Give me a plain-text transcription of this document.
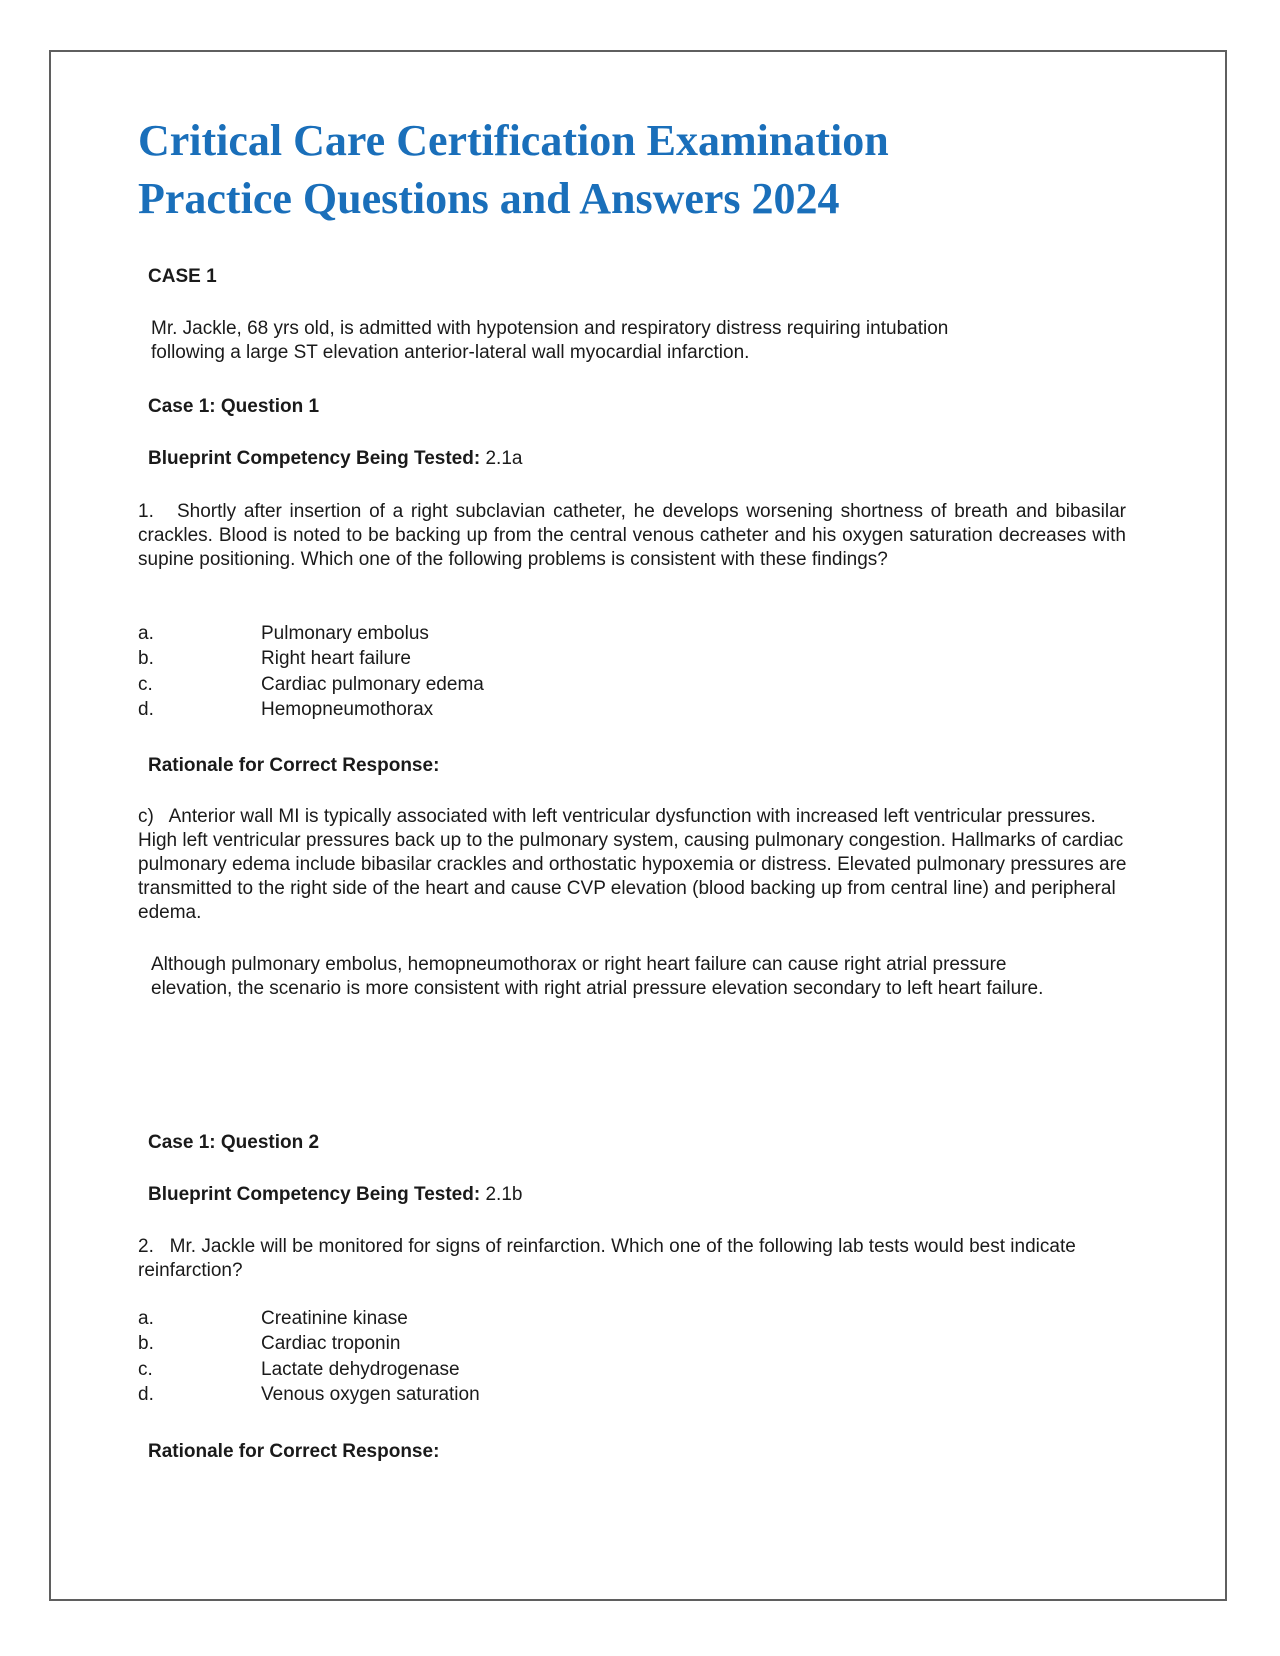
Critical Care Certification Examination
Practice Questions and Answers 2024
CASE 1
Mr. Jackle, 68 yrs old, is admitted with hypotension and respiratory distress requiring intubation
following a large ST elevation anterior-lateral wall myocardial infarction.
Case 1: Question 1
Blueprint Competency Being Tested: 2.1a
1.   Shortly after insertion of a right subclavian catheter, he develops worsening shortness of breath and bibasilar crackles. Blood is noted to be backing up from the central venous catheter and his oxygen saturation decreases with supine positioning. Which one of the following problems is consistent with these findings?
a.	Pulmonary embolus
b.	Right heart failure
c.	Cardiac pulmonary edema
d.	Hemopneumothorax
Rationale for Correct Response:
c)   Anterior wall MI is typically associated with left ventricular dysfunction with increased left ventricular pressures. High left ventricular pressures back up to the pulmonary system, causing pulmonary congestion. Hallmarks of cardiac pulmonary edema include bibasilar crackles and orthostatic hypoxemia or distress. Elevated pulmonary pressures are transmitted to the right side of the heart and cause CVP elevation (blood backing up from central line) and peripheral edema.
Although pulmonary embolus, hemopneumothorax or right heart failure can cause right atrial pressure elevation, the scenario is more consistent with right atrial pressure elevation secondary to left heart failure.
Case 1: Question 2
Blueprint Competency Being Tested: 2.1b
2.   Mr. Jackle will be monitored for signs of reinfarction. Which one of the following lab tests would best indicate reinfarction?
a.	Creatinine kinase
b.	Cardiac troponin
c.	Lactate dehydrogenase
d.	Venous oxygen saturation
Rationale for Correct Response:
